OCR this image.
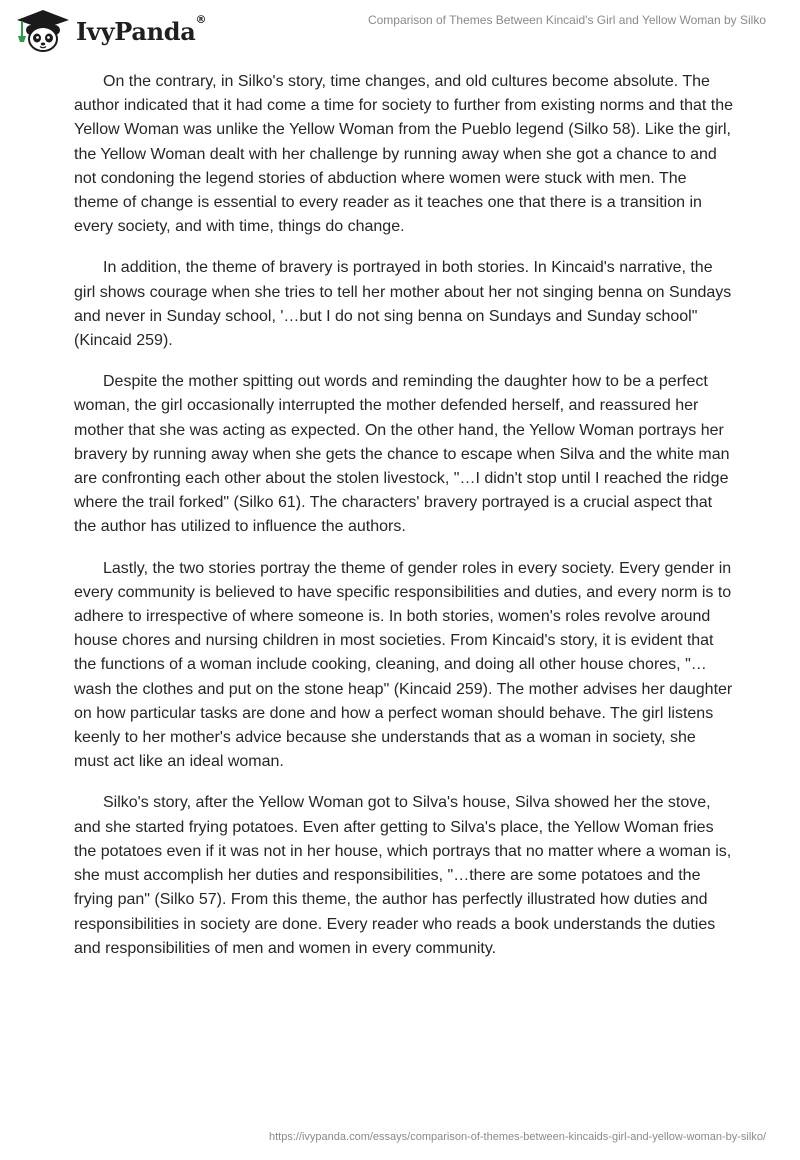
IvyPanda®	Comparison of Themes Between Kincaid's Girl and Yellow Woman by Silko

On the contrary, in Silko's story, time changes, and old cultures become absolute. The author indicated that it had come a time for society to further from existing norms and that the Yellow Woman was unlike the Yellow Woman from the Pueblo legend (Silko 58). Like the girl, the Yellow Woman dealt with her challenge by running away when she got a chance to and not condoning the legend stories of abduction where women were stuck with men. The theme of change is essential to every reader as it teaches one that there is a transition in every society, and with time, things do change.

In addition, the theme of bravery is portrayed in both stories. In Kincaid's narrative, the girl shows courage when she tries to tell her mother about her not singing benna on Sundays and never in Sunday school, '…but I do not sing benna on Sundays and Sunday school" (Kincaid 259).

Despite the mother spitting out words and reminding the daughter how to be a perfect woman, the girl occasionally interrupted the mother defended herself, and reassured her mother that she was acting as expected. On the other hand, the Yellow Woman portrays her bravery by running away when she gets the chance to escape when Silva and the white man are confronting each other about the stolen livestock, "…I didn't stop until I reached the ridge where the trail forked" (Silko 61). The characters' bravery portrayed is a crucial aspect that the author has utilized to influence the authors.

Lastly, the two stories portray the theme of gender roles in every society. Every gender in every community is believed to have specific responsibilities and duties, and every norm is to adhere to irrespective of where someone is. In both stories, women's roles revolve around house chores and nursing children in most societies. From Kincaid's story, it is evident that the functions of a woman include cooking, cleaning, and doing all other house chores, "…wash the clothes and put on the stone heap" (Kincaid 259). The mother advises her daughter on how particular tasks are done and how a perfect woman should behave. The girl listens keenly to her mother's advice because she understands that as a woman in society, she must act like an ideal woman.

Silko's story, after the Yellow Woman got to Silva's house, Silva showed her the stove, and she started frying potatoes. Even after getting to Silva's place, the Yellow Woman fries the potatoes even if it was not in her house, which portrays that no matter where a woman is, she must accomplish her duties and responsibilities, "…there are some potatoes and the frying pan" (Silko 57). From this theme, the author has perfectly illustrated how duties and responsibilities in society are done. Every reader who reads a book understands the duties and responsibilities of men and women in every community.

https://ivypanda.com/essays/comparison-of-themes-between-kincaids-girl-and-yellow-woman-by-silko/
